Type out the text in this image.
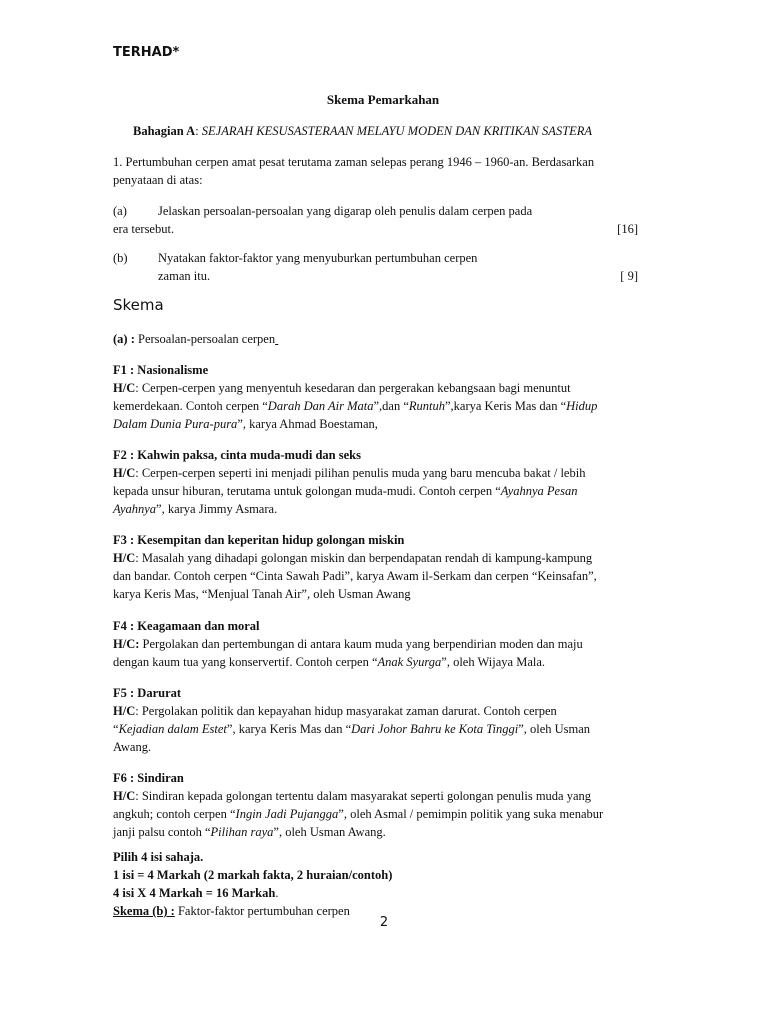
TERHAD*
Skema Pemarkahan
Bahagian A: SEJARAH KESUSASTERAAN MELAYU MODEN DAN KRITIKAN SASTERA

1. Pertumbuhan cerpen amat pesat terutama zaman selepas perang 1946 – 1960-an. Berdasarkan

penyataan di atas:

(a) Jelaskan persoalan-persoalan yang digarap oleh penulis dalam cerpen pada

era tersebut.	[16]
(b) Nyatakan faktor-faktor yang menyuburkan pertumbuhan cerpen

zaman itu.	[ 9]
Skema
(a) : Persoalan-persoalan cerpen
F1 : Nasionalisme

H/C: Cerpen-cerpen yang menyentuh kesedaran dan pergerakan kebangsaan bagi menuntut

kemerdekaan. Contoh cerpen “Darah Dan Air Mata”,dan “Runtuh”,karya Keris Mas dan “Hidup

Dalam Dunia Pura-pura”, karya Ahmad Boestaman,

F2 : Kahwin paksa, cinta muda-mudi dan seks

H/C: Cerpen-cerpen seperti ini menjadi pilihan penulis muda yang baru mencuba bakat / lebih

kepada unsur hiburan, terutama untuk golongan muda-mudi. Contoh cerpen “Ayahnya Pesan

Ayahnya”, karya Jimmy Asmara.

F3 : Kesempitan dan keperitan hidup golongan miskin

H/C: Masalah yang dihadapi golongan miskin dan berpendapatan rendah di kampung-kampung

dan bandar. Contoh cerpen “Cinta Sawah Padi”, karya Awam il-Serkam dan cerpen “Keinsafan”,

karya Keris Mas, “Menjual Tanah Air”, oleh Usman Awang

F4 : Keagamaan dan moral

H/C: Pergolakan dan pertembungan di antara kaum muda yang berpendirian moden dan maju

dengan kaum tua yang konservertif. Contoh cerpen “Anak Syurga”, oleh Wijaya Mala.

F5 : Darurat

H/C: Pergolakan politik dan kepayahan hidup masyarakat zaman darurat. Contoh cerpen

“Kejadian dalam Estet”, karya Keris Mas dan “Dari Johor Bahru ke Kota Tinggi”, oleh Usman

Awang.

F6 : Sindiran

H/C: Sindiran kepada golongan tertentu dalam masyarakat seperti golongan penulis muda yang

angkuh; contoh cerpen “Ingin Jadi Pujangga”, oleh Asmal / pemimpin politik yang suka menabur

janji palsu contoh “Pilihan raya”, oleh Usman Awang.

Pilih 4 isi sahaja.

1 isi = 4 Markah (2 markah fakta, 2 huraian/contoh)

4 isi X 4 Markah = 16 Markah.

Skema (b) : Faktor-faktor pertumbuhan cerpen

2
